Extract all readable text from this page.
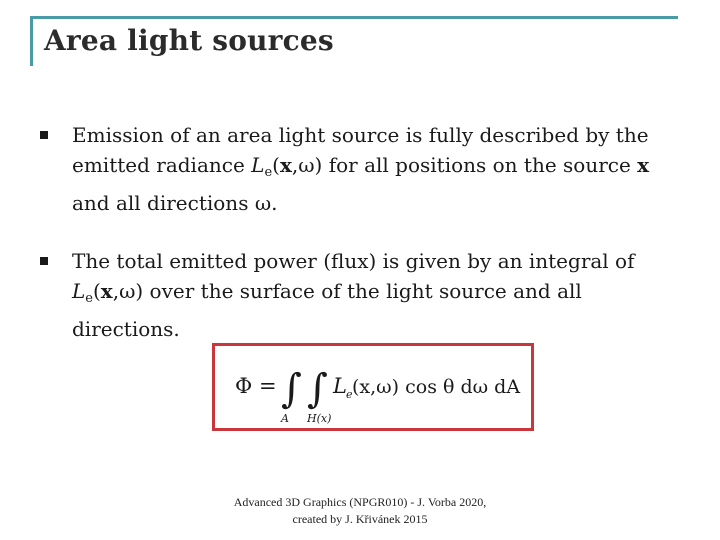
Area light sources
Emission of an area light source is fully described by the
emitted radiance $L_e(x,\omega)$ for all positions on the source x
and all directions ω.
The total emitted power (flux) is given by an integral of
$L_e(x,\omega)$ over the surface of the light source and all
directions.
Φ = ∫ ∫
A H(x)
L e (x,ω) cos θ dω dA
Advanced 3D Graphics (NPGR010) - J. Vorba 2020,
created by J. Křivánek 2015
